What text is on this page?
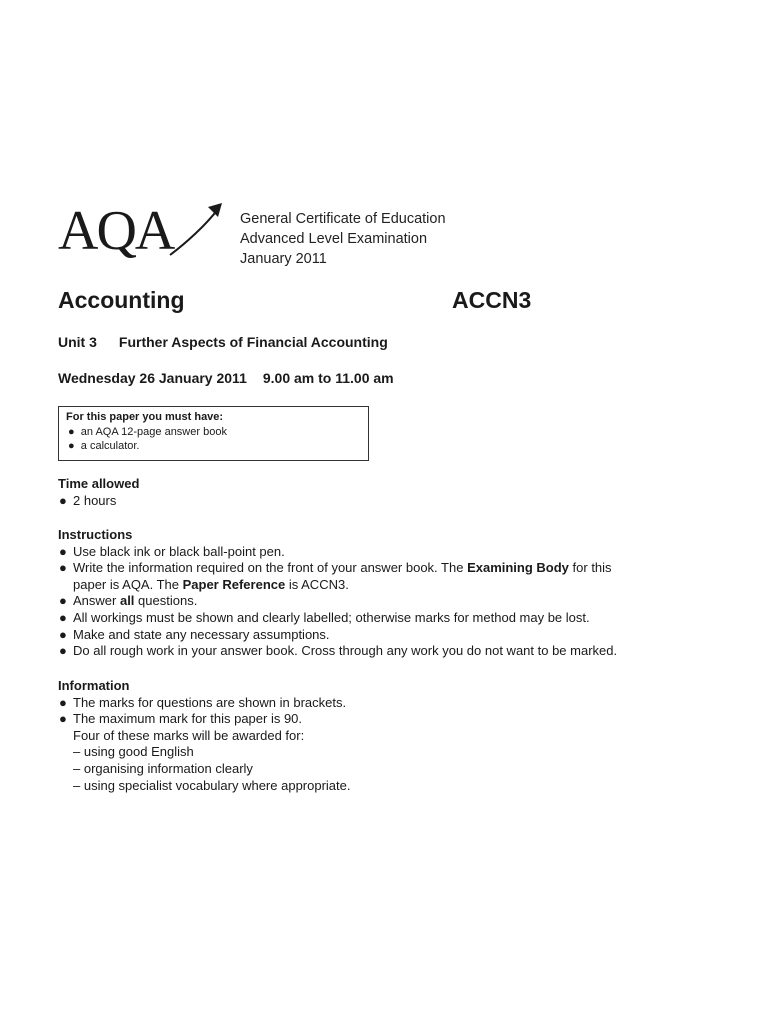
AQA	General Certificate of Education
Advanced Level Examination
January 2011
Accounting	ACCN3
Unit 3 Further Aspects of Financial Accounting
Wednesday 26 January 2011 9.00 am to 11.00 am
For this paper you must have:
● an AQA 12-page answer book
● a calculator.
Time allowed
● 2 hours
Instructions
● Use black ink or black ball-point pen.
● Write the information required on the front of your answer book. The Examining Body for this
paper is AQA. The Paper Reference is ACCN3.
● Answer all questions.
● All workings must be shown and clearly labelled; otherwise marks for method may be lost.
● Make and state any necessary assumptions.
● Do all rough work in your answer book. Cross through any work you do not want to be marked.
Information
● The marks for questions are shown in brackets.
● The maximum mark for this paper is 90.
Four of these marks will be awarded for:
– using good English
– organising information clearly
– using specialist vocabulary where appropriate.
